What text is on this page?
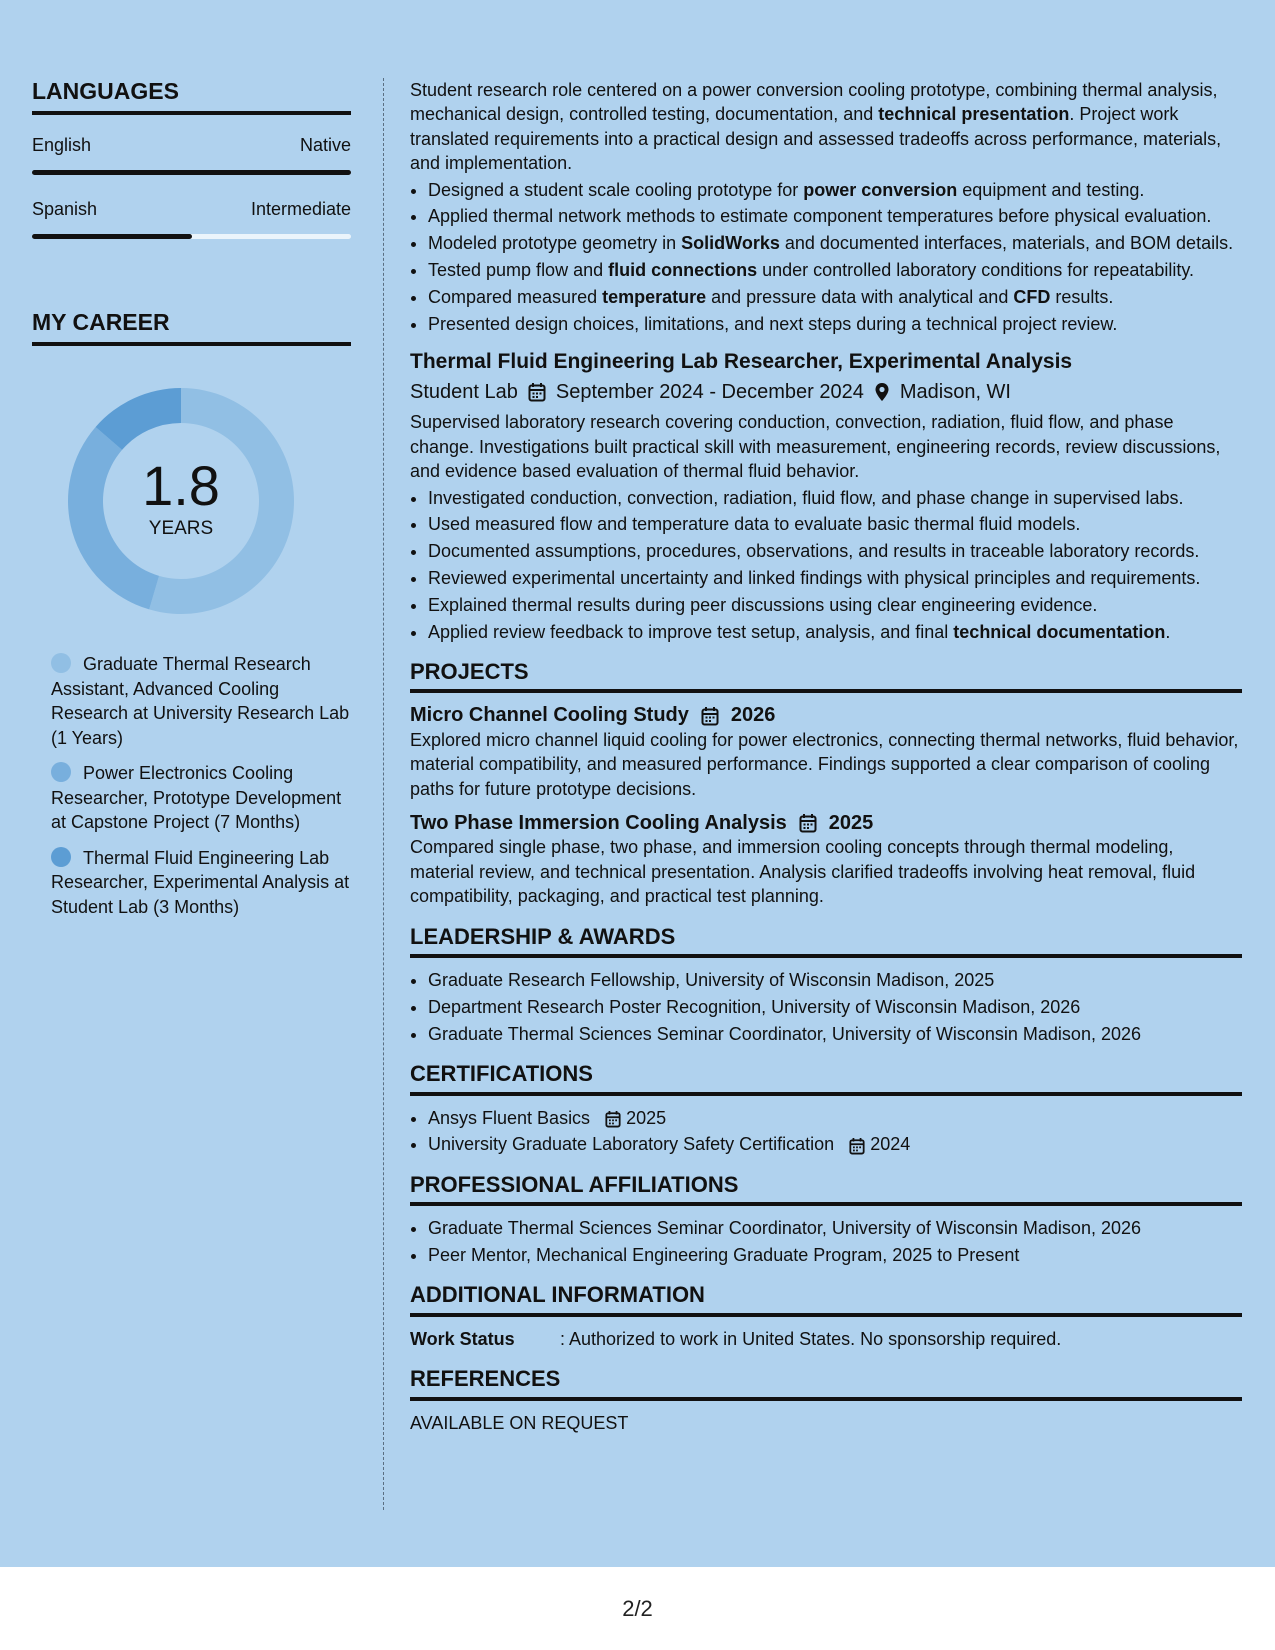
LANGUAGES
English	Native
Spanish	Intermediate
MY CAREER
1.8
YEARS
Graduate Thermal Research Assistant, Advanced Cooling Research at University Research Lab (1 Years)
Power Electronics Cooling Researcher, Prototype Development at Capstone Project (7 Months)
Thermal Fluid Engineering Lab Researcher, Experimental Analysis at Student Lab (3 Months)

Student research role centered on a power conversion cooling prototype, combining thermal analysis, mechanical design, controlled testing, documentation, and technical presentation. Project work translated requirements into a practical design and assessed tradeoffs across performance, materials, and implementation.

• Designed a student scale cooling prototype for power conversion equipment and testing.
• Applied thermal network methods to estimate component temperatures before physical evaluation.
• Modeled prototype geometry in SolidWorks and documented interfaces, materials, and BOM details.
• Tested pump flow and fluid connections under controlled laboratory conditions for repeatability.
• Compared measured temperature and pressure data with analytical and CFD results.
• Presented design choices, limitations, and next steps during a technical project review.
Thermal Fluid Engineering Lab Researcher, Experimental Analysis
Student Lab September 2024 - December 2024 Madison, WI

Supervised laboratory research covering conduction, convection, radiation, fluid flow, and phase change. Investigations built practical skill with measurement, engineering records, review discussions, and evidence based evaluation of thermal fluid behavior.

• Investigated conduction, convection, radiation, fluid flow, and phase change in supervised labs.
• Used measured flow and temperature data to evaluate basic thermal fluid models.
• Documented assumptions, procedures, observations, and results in traceable laboratory records.
• Reviewed experimental uncertainty and linked findings with physical principles and requirements.
• Explained thermal results during peer discussions using clear engineering evidence.
• Applied review feedback to improve test setup, analysis, and final technical documentation.
PROJECTS
Micro Channel Cooling Study 2026

Explored micro channel liquid cooling for power electronics, connecting thermal networks, fluid behavior, material compatibility, and measured performance. Findings supported a clear comparison of cooling paths for future prototype decisions.

Two Phase Immersion Cooling Analysis 2025

Compared single phase, two phase, and immersion cooling concepts through thermal modeling, material review, and technical presentation. Analysis clarified tradeoffs involving heat removal, fluid compatibility, packaging, and practical test planning.

LEADERSHIP & AWARDS
• Graduate Research Fellowship, University of Wisconsin Madison, 2025
• Department Research Poster Recognition, University of Wisconsin Madison, 2026
• Graduate Thermal Sciences Seminar Coordinator, University of Wisconsin Madison, 2026
CERTIFICATIONS
• Ansys Fluent Basics 2025
• University Graduate Laboratory Safety Certification 2024
PROFESSIONAL AFFILIATIONS
• Graduate Thermal Sciences Seminar Coordinator, University of Wisconsin Madison, 2026
• Peer Mentor, Mechanical Engineering Graduate Program, 2025 to Present
ADDITIONAL INFORMATION
Work Status	: Authorized to work in United States. No sponsorship required.
REFERENCES

AVAILABLE ON REQUEST

2/2
